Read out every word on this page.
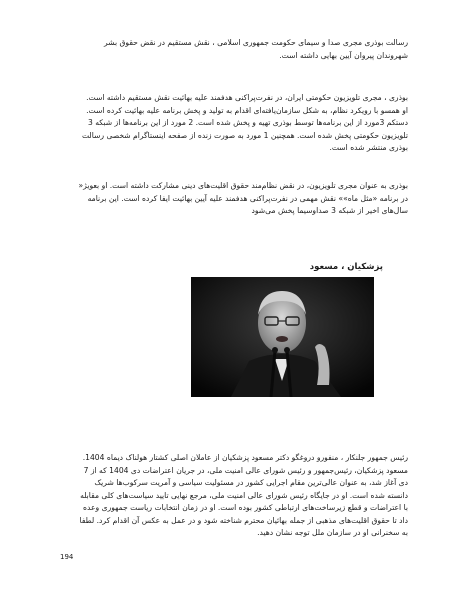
رسالت بوذری مجری صدا و سیمای حکومت جمهوری اسلامی ، نقش مستقیم در نقض حقوق بشر شهروندان پیروان آیین بهایی داشته است.

بوذری ، مجری تلویزیون حکومتی ایران، در نفرت‌پراکنی هدفمند علیه بهائیت نقش مستقیم داشته است. او همسو با رویکرد نظام، به شکل سازمان‌یافته‌ای اقدام به تولید و پخش برنامه علیه بهائیت کرده است. دستکم 3مورد از این برنامه‌ها توسط بوذری تهیه و پخش شده است. 2 مورد از این برنامه‌ها از شبکه 3 تلویزیون حکومتی پخش شده است. همچنین 1 مورد به صورت زنده از صفحه اینستاگرام شخصی رسالت بوذری منتشر شده است.

بوذری به عنوان مجری تلویزیون، در نقض نظام‌مند حقوق اقلیت‌های دینی مشارکت داشته است. او بعویژ« در برنامه «مثل ماه»» نقش مهمی در نفرت‌پراکنی هدفمند علیه آیین بهائیت ایفا کرده است. این برنامه سال‌های اخیر از شبکه 3 صداوسیما پخش می‌شود

پزشکیان ، مسعود

رئیس جمهور جلنکار ، منفورو دروغگو دکتر مسعود پزشکیان از عاملان اصلی کشتار هولناک دیماه 1404. مسعود پزشکیان، رئیس‌جمهور و رئیس شورای عالی امنیت ملی، در جریان اعتراضات دی 1404 که از 7 دی آغاز شد، به عنوان عالی‌ترین مقام اجرایی کشور در مسئولیت سیاسی و آمریت سرکوب‌ها شریک دانسته شده است. او در جایگاه رئیس شورای عالی امنیت ملی، مرجع نهایی تایید سیاست‌های کلی مقابله با اعتراضات و قطع زیرساخت‌های ارتباطی کشور بوده است. او در زمان انتخابات ریاست جمهوری وعده داد تا حقوق اقلیت‌های مذهبی از جمله بهائیان محترم شناخته شود و در عمل به عکس آن اقدام کرد. لطفا به سخنرانی او در سازمان ملل توجه نشان دهید.

194
